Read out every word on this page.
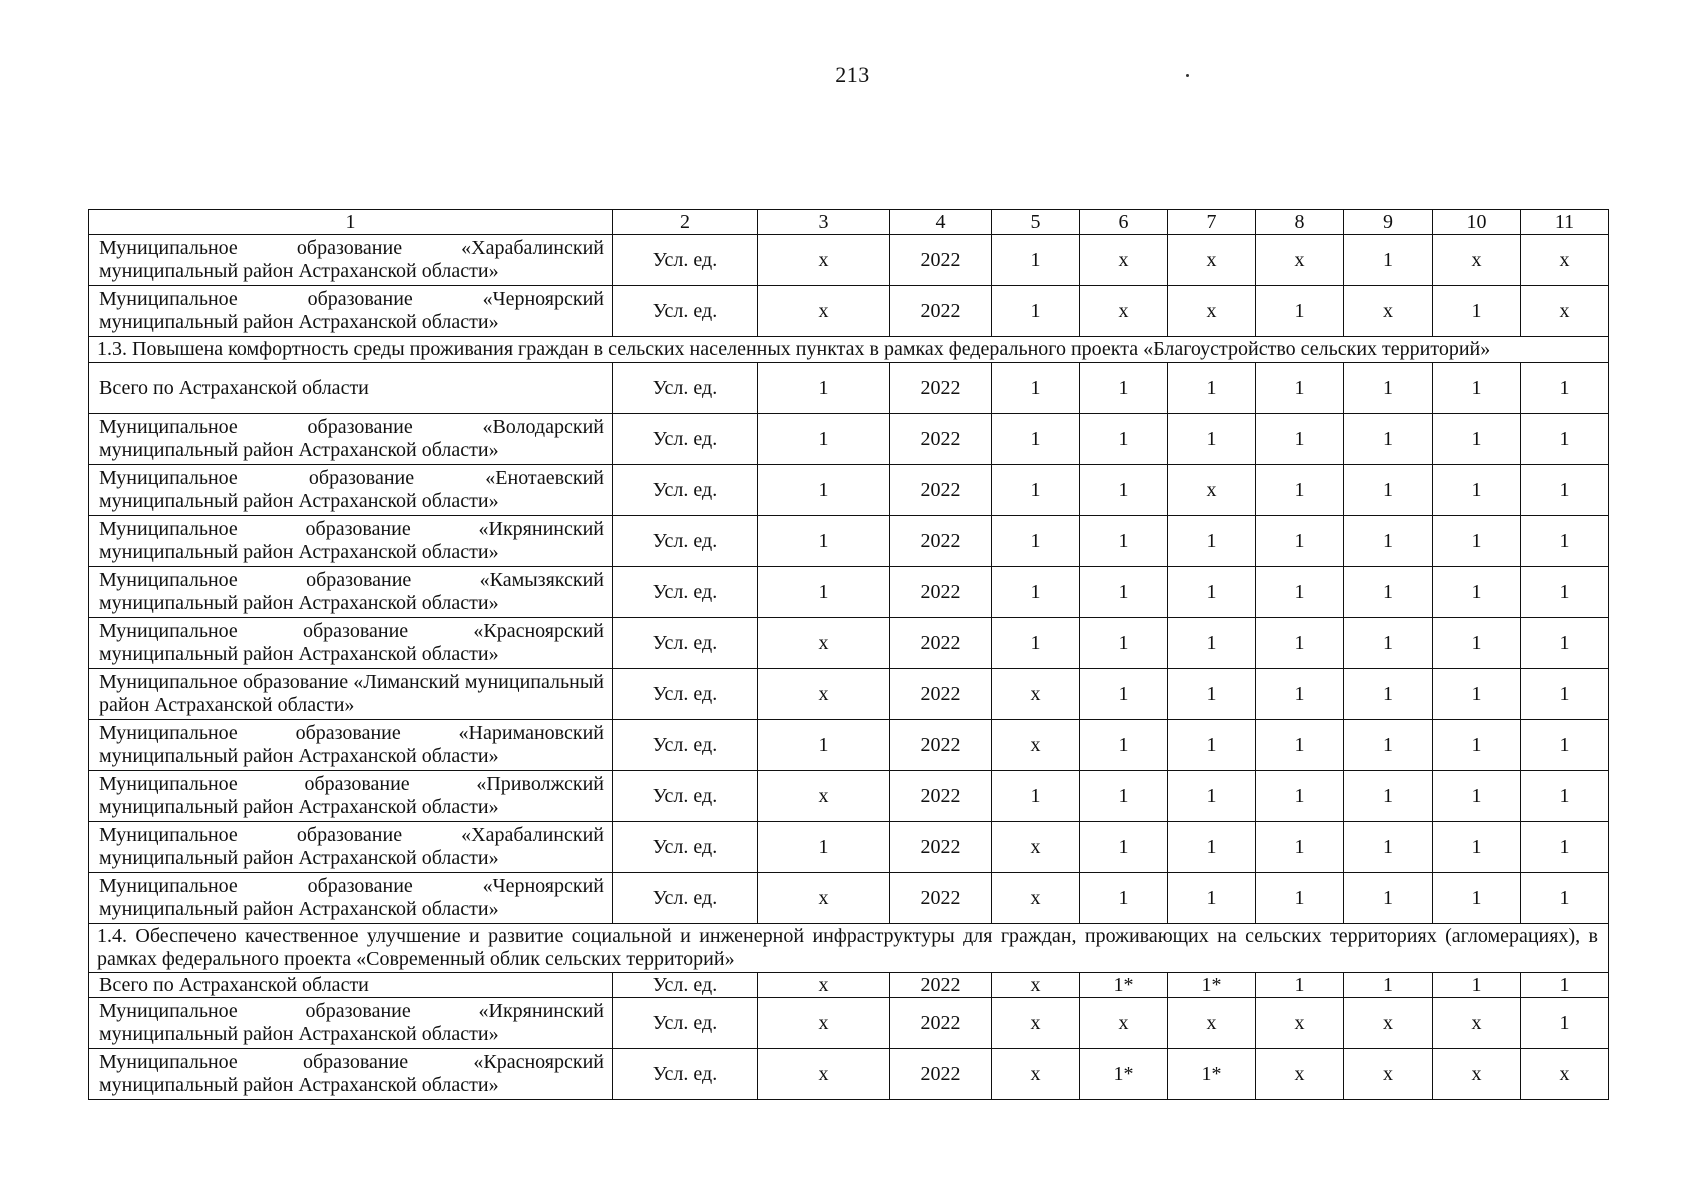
213
1	2	3	4	5	6	7	8	9	10	11
Муниципальное образование «Харабалинский муниципальный район Астраханской области»	Усл. ед.	х	2022	1	х	х	х	1	х	х
Муниципальное образование «Черноярский муниципальный район Астраханской области»	Усл. ед.	х	2022	1	х	х	1	х	1	х
1.3. Повышена комфортность среды проживания граждан в сельских населенных пунктах в рамках федерального проекта «Благоустройство сельских территорий»										
Всего по Астраханской области	Усл. ед.	1	2022	1	1	1	1	1	1	1
Муниципальное образование «Володарский муниципальный район Астраханской области»	Усл. ед.	1	2022	1	1	1	1	1	1	1
Муниципальное образование «Енотаевский муниципальный район Астраханской области»	Усл. ед.	1	2022	1	1	х	1	1	1	1
Муниципальное образование «Икрянинский муниципальный район Астраханской области»	Усл. ед.	1	2022	1	1	1	1	1	1	1
Муниципальное образование «Камызякский муниципальный район Астраханской области»	Усл. ед.	1	2022	1	1	1	1	1	1	1
Муниципальное образование «Красноярский муниципальный район Астраханской области»	Усл. ед.	х	2022	1	1	1	1	1	1	1
Муниципальное образование «Лиманский муниципальный район Астраханской области»	Усл. ед.	х	2022	х	1	1	1	1	1	1
Муниципальное образование «Наримановский муниципальный район Астраханской области»	Усл. ед.	1	2022	х	1	1	1	1	1	1
Муниципальное образование «Приволжский муниципальный район Астраханской области»	Усл. ед.	х	2022	1	1	1	1	1	1	1
Муниципальное образование «Харабалинский муниципальный район Астраханской области»	Усл. ед.	1	2022	х	1	1	1	1	1	1
Муниципальное образование «Черноярский муниципальный район Астраханской области»	Усл. ед.	х	2022	х	1	1	1	1	1	1
1.4. Обеспечено качественное улучшение и развитие социальной и инженерной инфраструктуры для граждан, проживающих на сельских территориях (агломерациях), в рамках федерального проекта «Современный облик сельских территорий»										
Всего по Астраханской области	Усл. ед.	х	2022	х	1*	1*	1	1	1	1
Муниципальное образование «Икрянинский муниципальный район Астраханской области»	Усл. ед.	х	2022	х	х	х	х	х	х	1
Муниципальное образование «Красноярский муниципальный район Астраханской области»	Усл. ед.	х	2022	х	1*	1*	х	х	х	х
